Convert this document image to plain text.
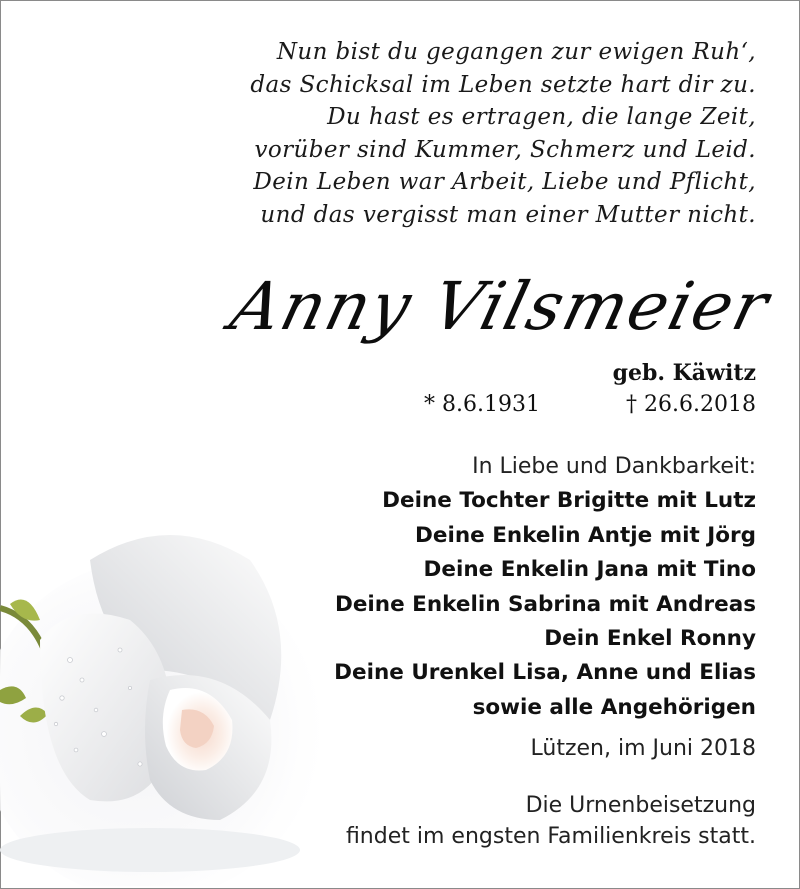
Nun bist du gegangen zur ewigen Ruh‘,
das Schicksal im Leben setzte hart dir zu.
Du hast es ertragen, die lange Zeit,
vorüber sind Kummer, Schmerz und Leid.
Dein Leben war Arbeit, Liebe und Pflicht,
und das vergisst man einer Mutter nicht.
Anny Vilsmeier
geb. Käwitz
* 8.6.1931	† 26.6.2018
In Liebe und Dankbarkeit:
Deine Tochter Brigitte mit Lutz
Deine Enkelin Antje mit Jörg
Deine Enkelin Jana mit Tino
Deine Enkelin Sabrina mit Andreas
Dein Enkel Ronny
Deine Urenkel Lisa, Anne und Elias
sowie alle Angehörigen
Lützen, im Juni 2018
Die Urnenbeisetzung
findet im engsten Familienkreis statt.
